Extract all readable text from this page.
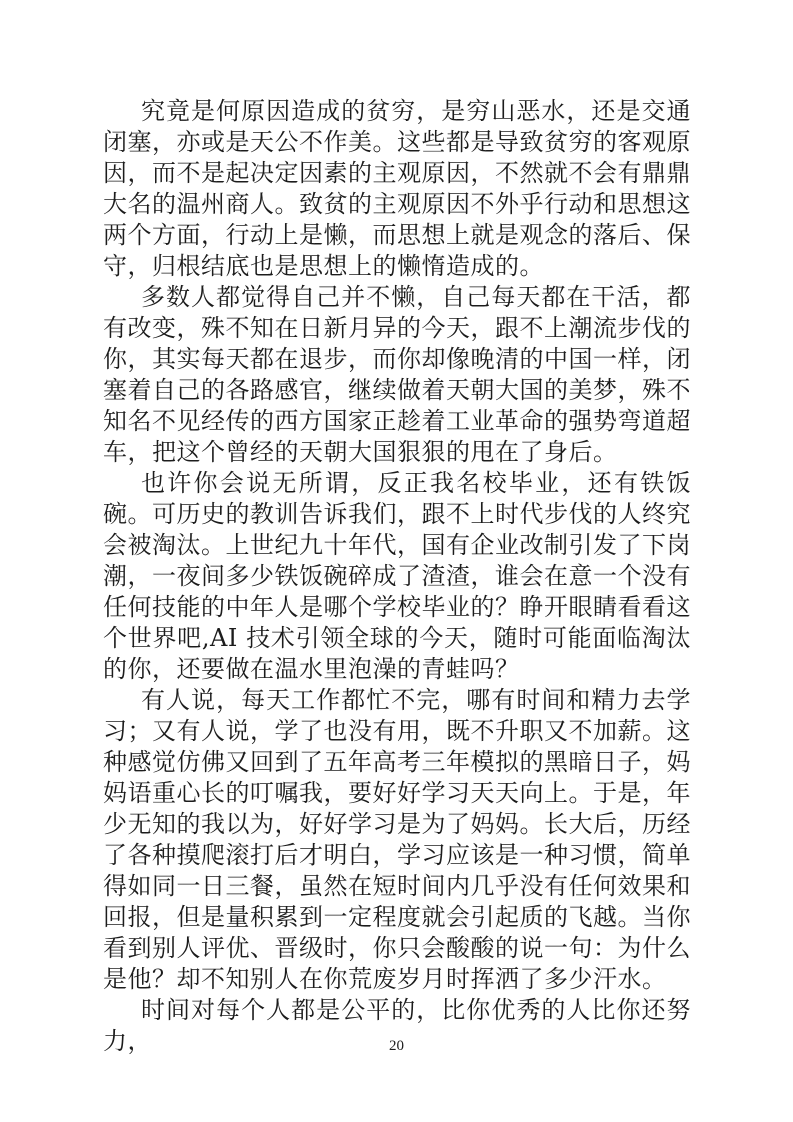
究竟是何原因造成的贫穷，是穷山恶水，还是交通闭塞，亦或是天公不作美。这些都是导致贫穷的客观原因，而不是起决定因素的主观原因，不然就不会有鼎鼎大名的温州商人。致贫的主观原因不外乎行动和思想这两个方面，行动上是懒，而思想上就是观念的落后、保守，归根结底也是思想上的懒惰造成的。

多数人都觉得自己并不懒，自己每天都在干活，都有改变，殊不知在日新月异的今天，跟不上潮流步伐的你，其实每天都在退步，而你却像晚清的中国一样，闭塞着自己的各路感官，继续做着天朝大国的美梦，殊不知名不见经传的西方国家正趁着工业革命的强势弯道超车，把这个曾经的天朝大国狠狠的甩在了身后。

也许你会说无所谓，反正我名校毕业，还有铁饭碗。可历史的教训告诉我们，跟不上时代步伐的人终究会被淘汰。上世纪九十年代，国有企业改制引发了下岗潮，一夜间多少铁饭碗碎成了渣渣，谁会在意一个没有任何技能的中年人是哪个学校毕业的？睁开眼睛看看这个世界吧,AI 技术引领全球的今天，随时可能面临淘汰的你，还要做在温水里泡澡的青蛙吗？

有人说，每天工作都忙不完，哪有时间和精力去学习；又有人说，学了也没有用，既不升职又不加薪。这种感觉仿佛又回到了五年高考三年模拟的黑暗日子，妈妈语重心长的叮嘱我，要好好学习天天向上。于是，年少无知的我以为，好好学习是为了妈妈。长大后，历经了各种摸爬滚打后才明白，学习应该是一种习惯，简单得如同一日三餐，虽然在短时间内几乎没有任何效果和回报，但是量积累到一定程度就会引起质的飞越。当你看到别人评优、晋级时，你只会酸酸的说一句：为什么是他？却不知别人在你荒废岁月时挥洒了多少汗水。

时间对每个人都是公平的，比你优秀的人比你还努力，	20
